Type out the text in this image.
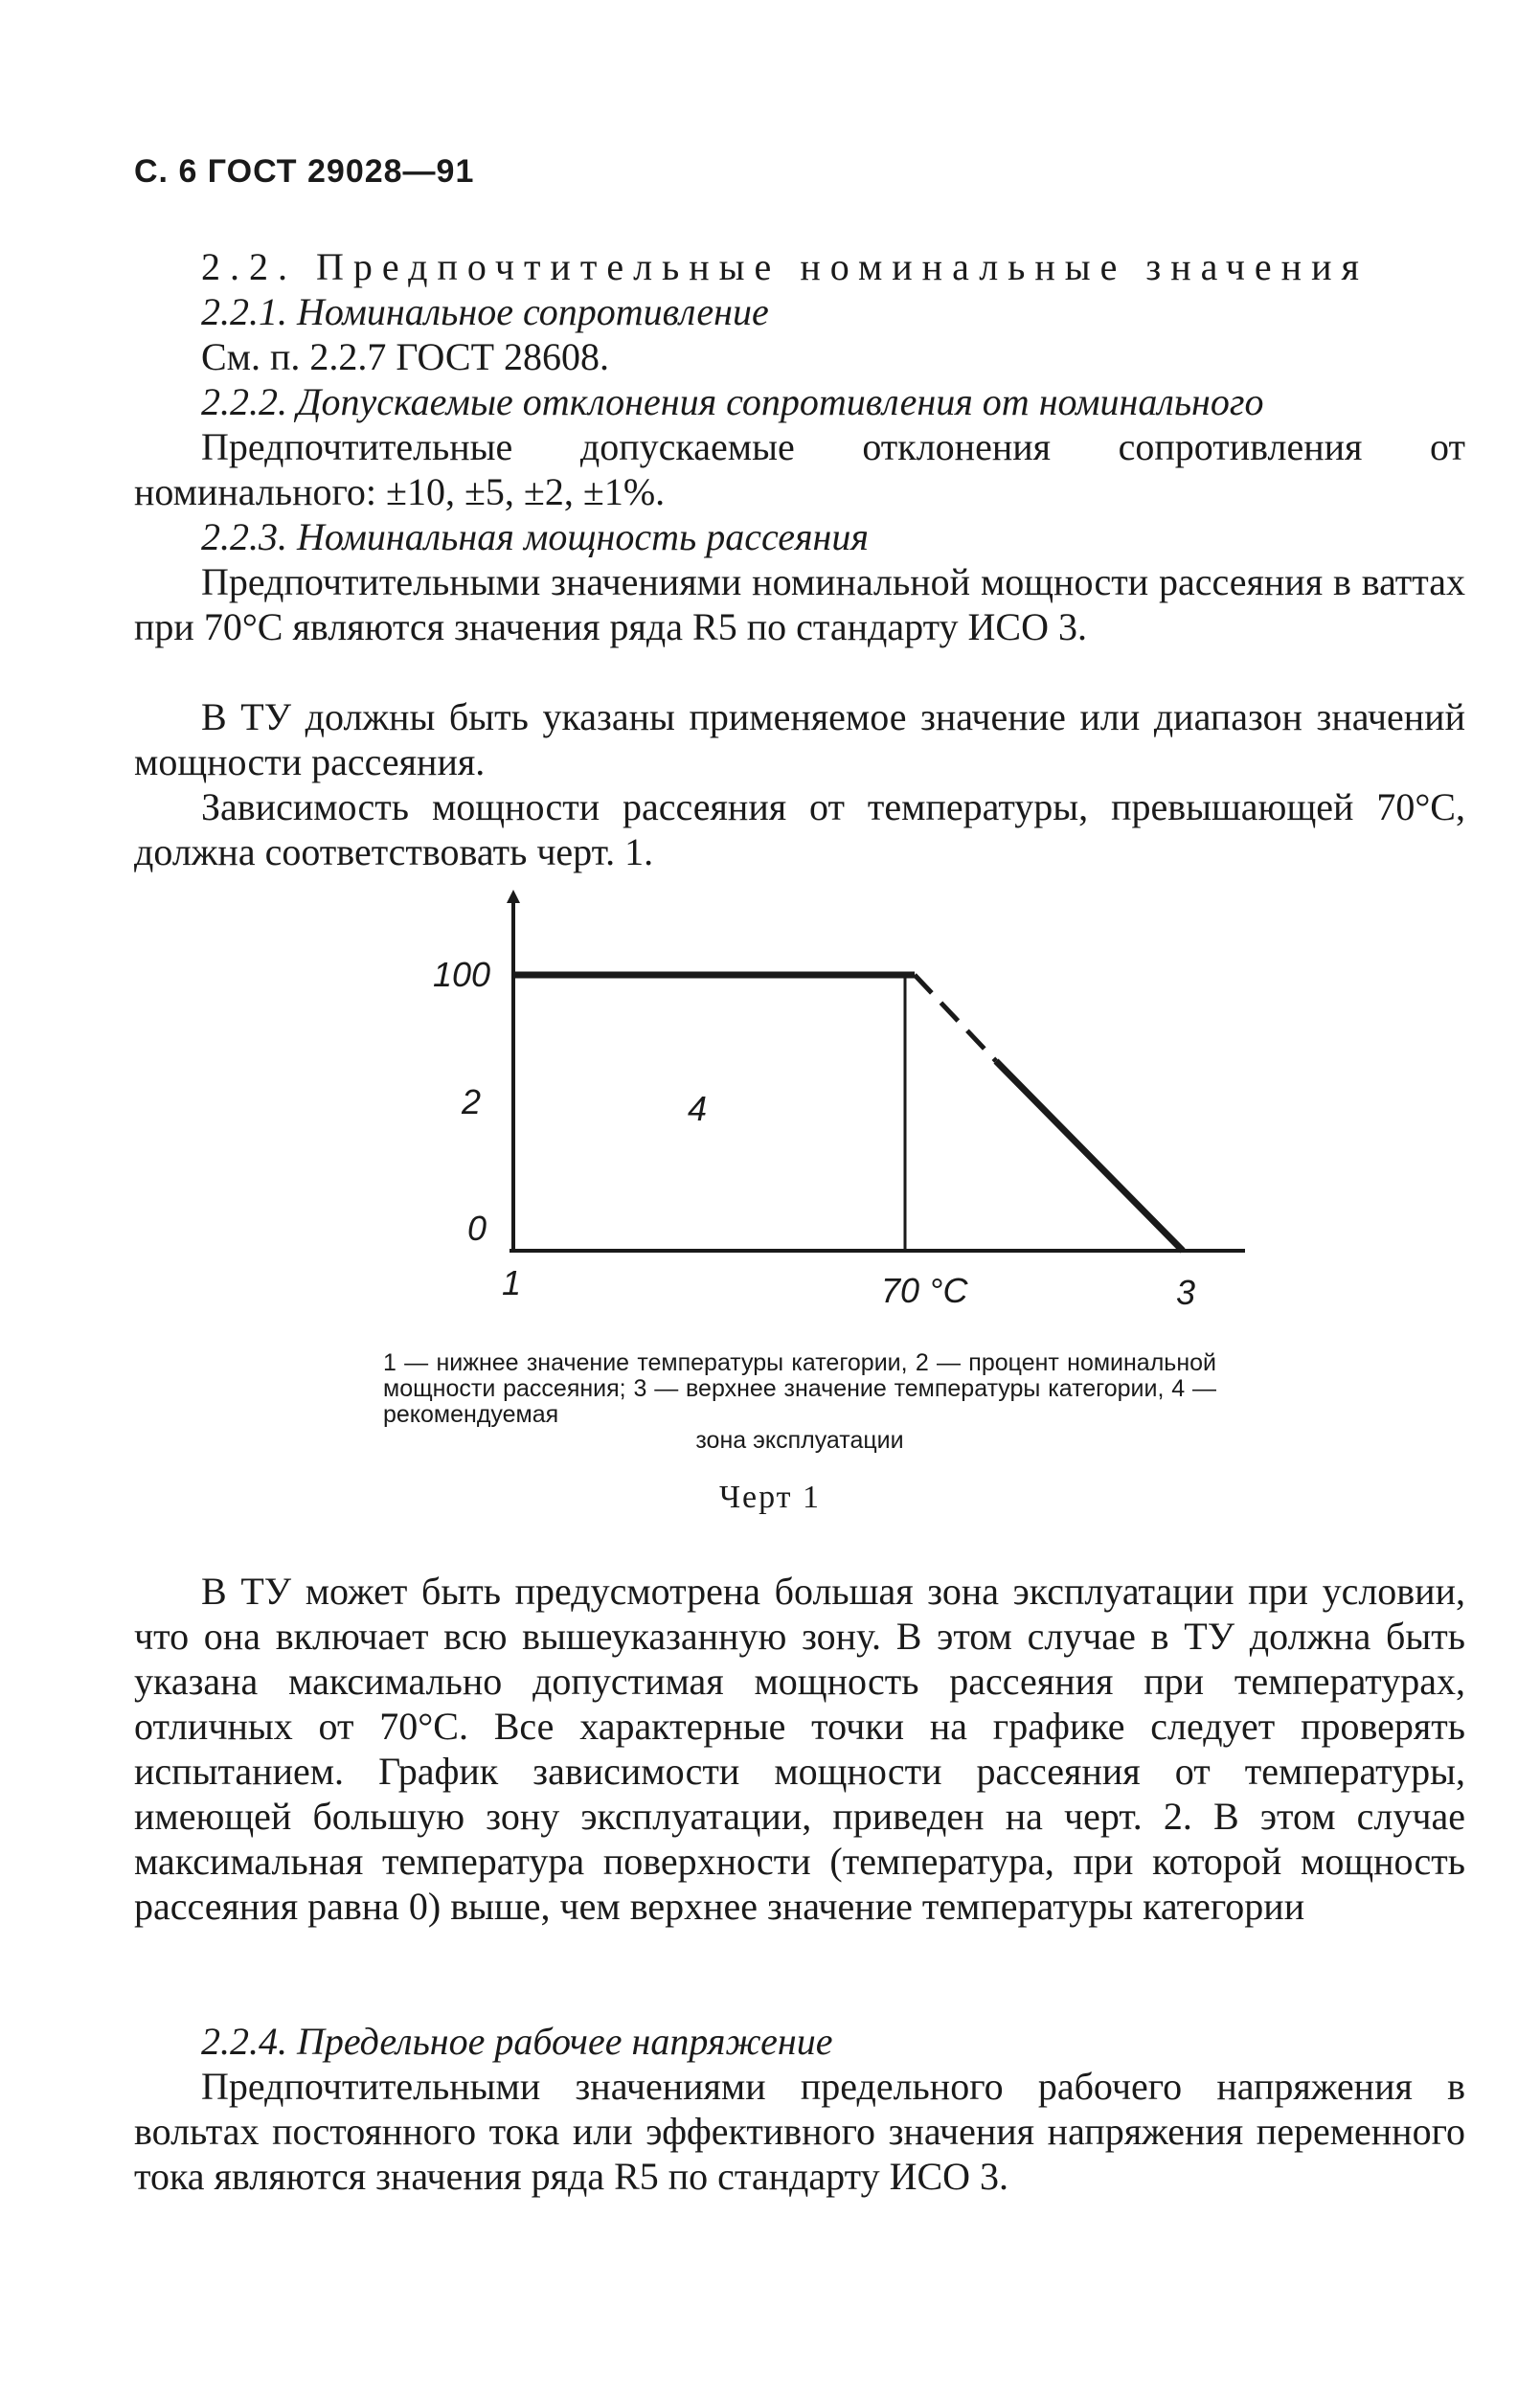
С. 6 ГОСТ 29028—91

2.2. Предпочтительные номинальные значения

2.2.1. Номинальное сопротивление

См. п. 2.2.7 ГОСТ 28608.

2.2.2. Допускаемые отклонения сопротивления от номинального

Предпочтительные допускаемые отклонения сопротивления от номинального: ±10, ±5, ±2, ±1%.

2.2.3. Номинальная мощность рассеяния

Предпочтительными значениями номинальной мощности рассеяния в ваттах при 70°С являются значения ряда R5 по стандарту ИСО 3.

В ТУ должны быть указаны применяемое значение или диапазон значений мощности рассеяния.

Зависимость мощности рассеяния от температуры, превышающей 70°С, должна соответствовать черт. 1.

100
2
0
1	70 °С	3
4
1 — нижнее значение температуры категории, 2 — процент номинальной мощности рассеяния; 3 — верхнее значение температуры категории, 4 — рекомендуемая
зона эксплуатации
Черт 1

В ТУ может быть предусмотрена большая зона эксплуатации при условии, что она включает всю вышеуказанную зону. В этом случае в ТУ должна быть указана максимально допустимая мощность рассеяния при температурах, отличных от 70°С. Все характерные точки на графике следует проверять испытанием. График зависимости мощности рассеяния от температуры, имеющей большую зону эксплуатации, приведен на черт. 2. В этом случае максимальная температура поверхности (температура, при которой мощность рассеяния равна 0) выше, чем верхнее значение температуры категории

2.2.4. Предельное рабочее напряжение

Предпочтительными значениями предельного рабочего напряжения в вольтах постоянного тока или эффективного значения напряжения переменного тока являются значения ряда R5 по стандарту ИСО 3.
